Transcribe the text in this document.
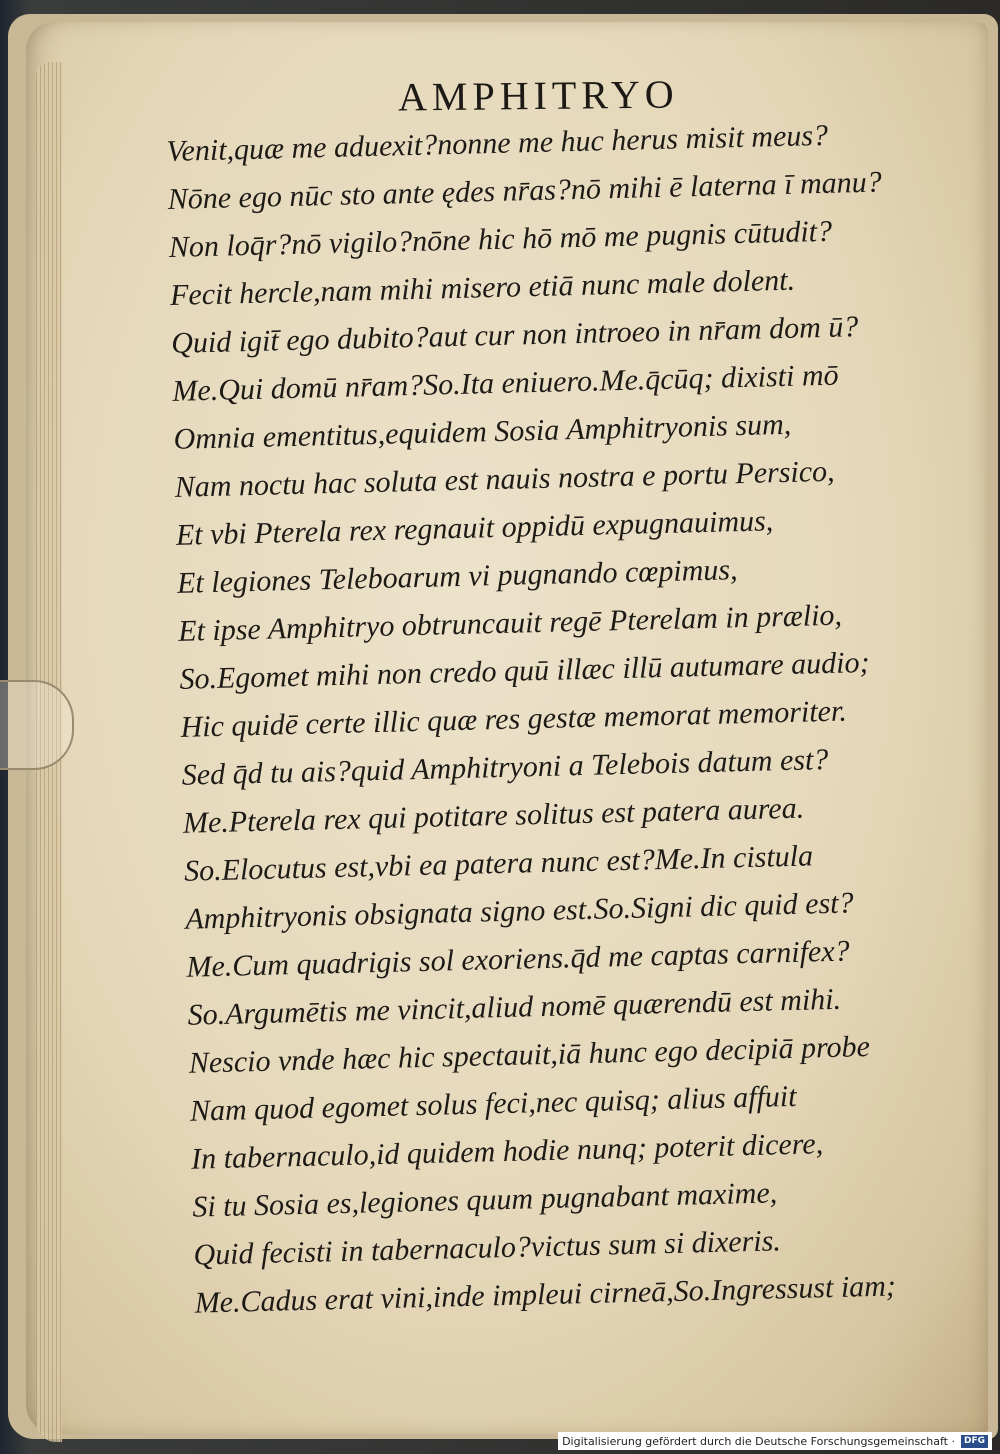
AMPHITRYO
Venit,quæ me aduexit?nonne me huc herus misit meus?
Nōne ego nūc sto ante ędes nr̄as?nō mihi ē laterna ī manu?
Non loq̄r?nō vigilo?nōne hic hō mō me pugnis cūtudit?
Fecit hercle,nam mihi misero etiā nunc male dolent.
Quid igit̄ ego dubito?aut cur non introeo in nr̄am dom ū?
Me.Qui domū nr̄am?So.Ita eniuero.Me.q̄cūq; dixisti mō
Omnia ementitus,equidem Sosia Amphitryonis sum,
Nam noctu hac soluta est nauis nostra e portu Persico,
Et vbi Pterela rex regnauit oppidū expugnauimus,
Et legiones Teleboarum vi pugnando cœpimus,
Et ipse Amphitryo obtruncauit regē Pterelam in prælio,
So.Egomet mihi non credo quū illæc illū autumare audio;
Hic quidē certe illic quæ res gestæ memorat memoriter.
Sed q̄d tu ais?quid Amphitryoni a Telebois datum est?
Me.Pterela rex qui potitare solitus est patera aurea.
So.Elocutus est,vbi ea patera nunc est?Me.In cistula
Amphitryonis obsignata signo est.So.Signi dic quid est?
Me.Cum quadrigis sol exoriens.q̄d me captas carnifex?
So.Argumētis me vincit,aliud nomē quærendū est mihi.
Nescio vnde hæc hic spectauit,iā hunc ego decipiā probe
Nam quod egomet solus feci,nec quisq; alius affuit
In tabernaculo,id quidem hodie nunq; poterit dicere,
Si tu Sosia es,legiones quum pugnabant maxime,
Quid fecisti in tabernaculo?victus sum si dixeris.
Me.Cadus erat vini,inde impleui cirneā,So.Ingressust iam;
Digitalisierung gefördert durch die Deutsche Forschungsgemeinschaft ·	DFG
